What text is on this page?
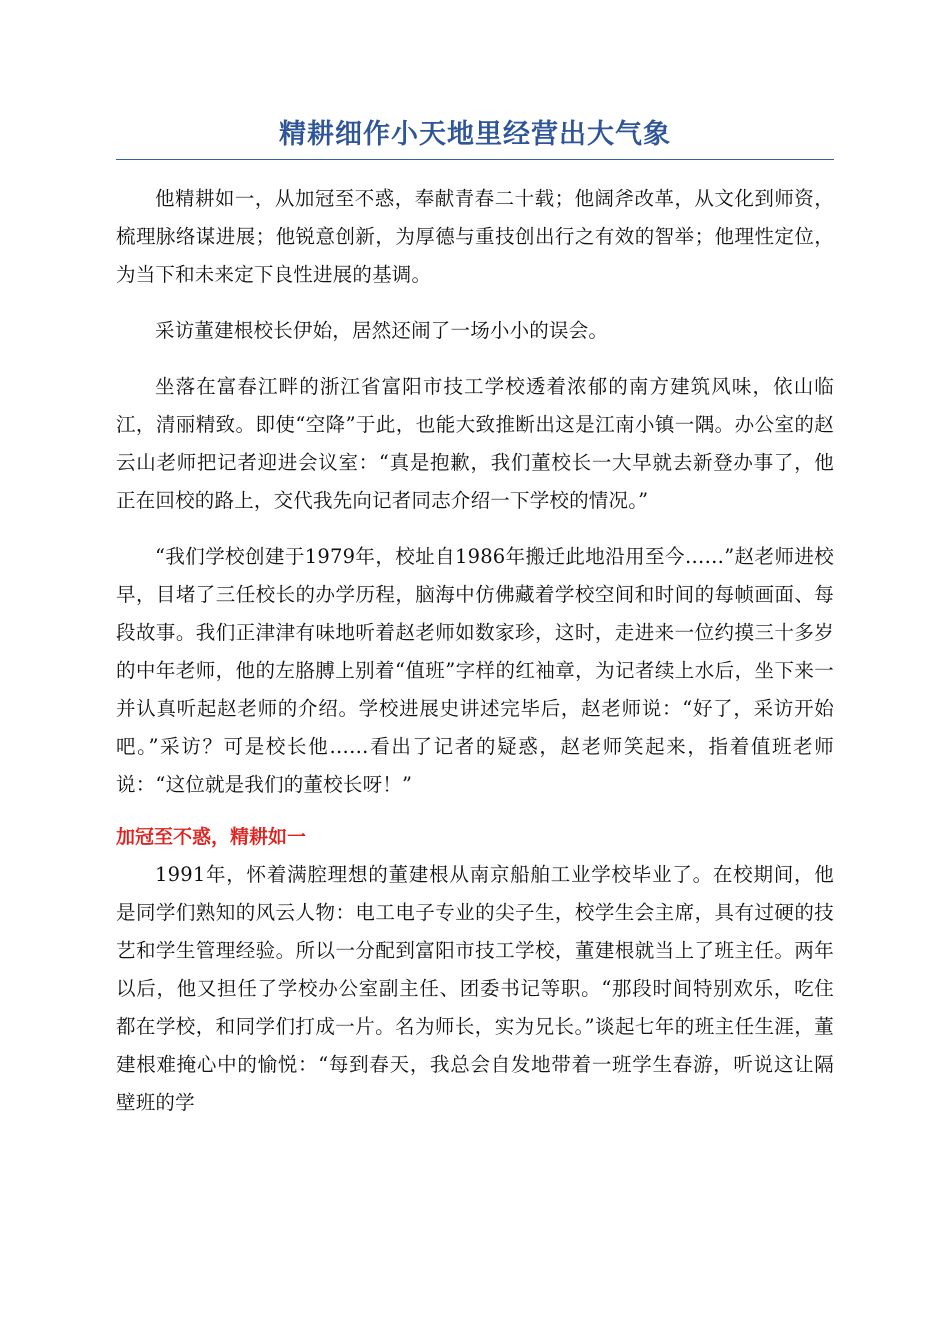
精耕细作小天地里经营出大气象

他精耕如一，从加冠至不惑，奉献青春二十载；他阔斧改革，从文化到师资，梳理脉络谋进展；他锐意创新，为厚德与重技创出行之有效的智举；他理性定位，为当下和未来定下良性进展的基调。

采访董建根校长伊始，居然还闹了一场小小的误会。

坐落在富春江畔的浙江省富阳市技工学校透着浓郁的南方建筑风味，依山临江，清丽精致。即使“空降”于此，也能大致推断出这是江南小镇一隅。办公室的赵云山老师把记者迎进会议室：“真是抱歉，我们董校长一大早就去新登办事了，他正在回校的路上，交代我先向记者同志介绍一下学校的情况。”

“我们学校创建于1979年，校址自1986年搬迁此地沿用至今……”赵老师进校早，目堵了三任校长的办学历程，脑海中仿佛藏着学校空间和时间的每帧画面、每段故事。我们正津津有味地听着赵老师如数家珍，这时，走进来一位约摸三十多岁的中年老师，他的左胳膊上别着“值班”字样的红袖章，为记者续上水后，坐下来一并认真听起赵老师的介绍。学校进展史讲述完毕后，赵老师说：“好了，采访开始吧。”采访？可是校长他……看出了记者的疑惑，赵老师笑起来，指着值班老师说：“这位就是我们的董校长呀！”

加冠至不惑，精耕如一

1991年，怀着满腔理想的董建根从南京船舶工业学校毕业了。在校期间，他是同学们熟知的风云人物：电工电子专业的尖子生，校学生会主席，具有过硬的技艺和学生管理经验。所以一分配到富阳市技工学校，董建根就当上了班主任。两年以后，他又担任了学校办公室副主任、团委书记等职。“那段时间特别欢乐，吃住都在学校，和同学们打成一片。名为师长，实为兄长。”谈起七年的班主任生涯，董建根难掩心中的愉悦：“每到春天，我总会自发地带着一班学生春游，听说这让隔壁班的学
